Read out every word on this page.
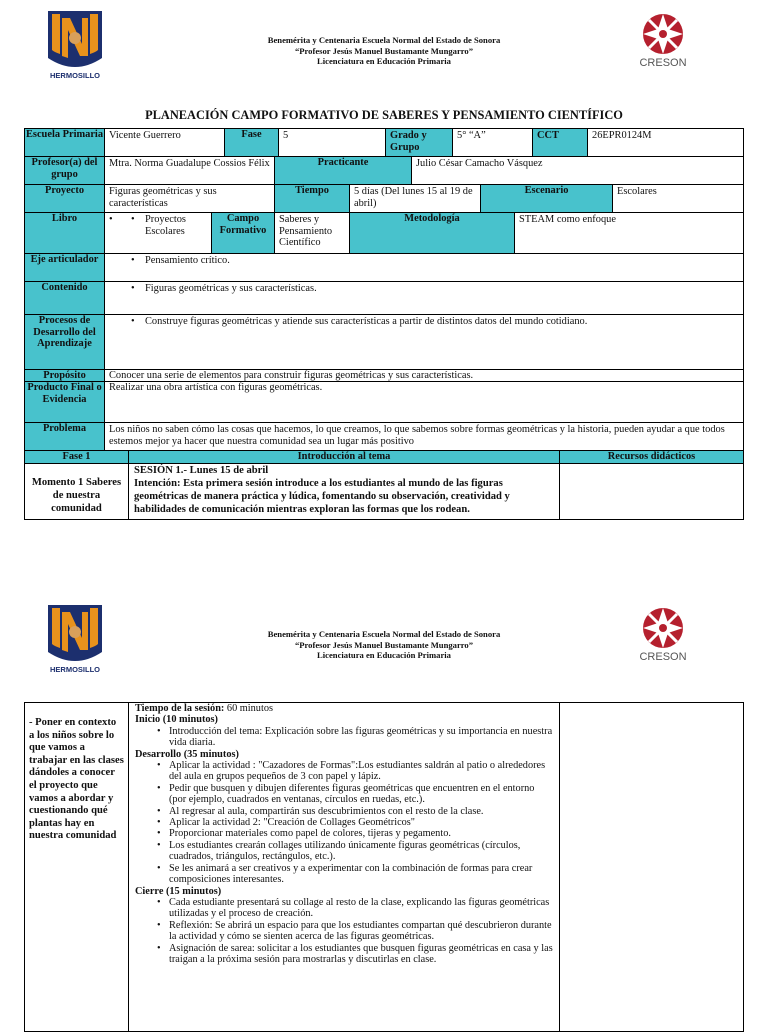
HERMOSILLO
Benemérita y Centenaria Escuela Normal del Estado de Sonora
“Profesor Jesús Manuel Bustamante Mungarro”
Licenciatura en Educación Primaria	CRESON
PLANEACIÓN CAMPO FORMATIVO DE SABERES Y PENSAMIENTO CIENTÍFICO
Escuela Primaria Vicente Guerrero	Fase	5	Grado y Grupo
5° “A”	CCT	26EPR0124M
Profesor(a) del grupo
Mtra. Norma Guadalupe Cossios Félix	Practicante	Julio César Camacho Vásquez
Proyecto	Figuras geométricas y sus características
Tiempo	5 días (Del lunes 15 al 19 de abril)
Escenario	Escolares
Libro
•	• Proyectos Escolares
Campo Formativo
Saberes y Pensamiento Científico
Metodología	STEAM como enfoque
Eje articulador	• Pensamiento crítico.
Contenido	• Figuras geométricas y sus características.
Procesos de Desarrollo del Aprendizaje
• Construye figuras geométricas y atiende sus características a partir de distintos datos del mundo cotidiano.
Propósito	Conocer una serie de elementos para construir figuras geométricas y sus características.
Producto Final o Evidencia
Realizar una obra artística con figuras geométricas.
Problema	Los niños no saben cómo las cosas que hacemos, lo que creamos, lo que sabemos sobre formas geométricas y la historia, pueden ayudar a que todos estemos mejor ya hacer que nuestra comunidad sea un lugar más positivo
Fase 1	Introducción al tema	Recursos didácticos
Momento 1 Saberes de nuestra comunidad
SESIÓN 1.- Lunes 15 de abril
Intención: Esta primera sesión introduce a los estudiantes al mundo de las figuras geométricas de manera práctica y lúdica, fomentando su observación, creatividad y habilidades de comunicación mientras exploran las formas que los rodean.
HERMOSILLO
Benemérita y Centenaria Escuela Normal del Estado de Sonora
“Profesor Jesús Manuel Bustamante Mungarro”
Licenciatura en Educación Primaria	CRESON
- Poner en contexto a los niños sobre lo que vamos a trabajar en las clases dándoles a conocer el proyecto que vamos a abordar y cuestionando qué plantas hay en nuestra comunidad
Tiempo de la sesión: 60 minutos
Inicio (10 minutos)
• Introducción del tema: Explicación sobre las figuras geométricas y su importancia en nuestra vida diaria.
Desarrollo (35 minutos)
• Aplicar la actividad : "Cazadores de Formas":Los estudiantes saldrán al patio o alrededores del aula en grupos pequeños de 3 con papel y lápiz.
• Pedir que busquen y dibujen diferentes figuras geométricas que encuentren en el entorno (por ejemplo, cuadrados en ventanas, círculos en ruedas, etc.).
• Al regresar al aula, compartirán sus descubrimientos con el resto de la clase.
• Aplicar la actividad 2: "Creación de Collages Geométricos"
• Proporcionar materiales como papel de colores, tijeras y pegamento.
• Los estudiantes crearán collages utilizando únicamente figuras geométricas (círculos, cuadrados, triángulos, rectángulos, etc.).
• Se les animará a ser creativos y a experimentar con la combinación de formas para crear composiciones interesantes.
Cierre (15 minutos)
• Cada estudiante presentará su collage al resto de la clase, explicando las figuras geométricas utilizadas y el proceso de creación.
• Reflexión: Se abrirá un espacio para que los estudiantes compartan qué descubrieron durante la actividad y cómo se sienten acerca de las figuras geométricas.
• Asignación de sarea: solicitar a los estudiantes que busquen figuras geométricas en casa y las traigan a la próxima sesión para mostrarlas y discutirlas en clase.
